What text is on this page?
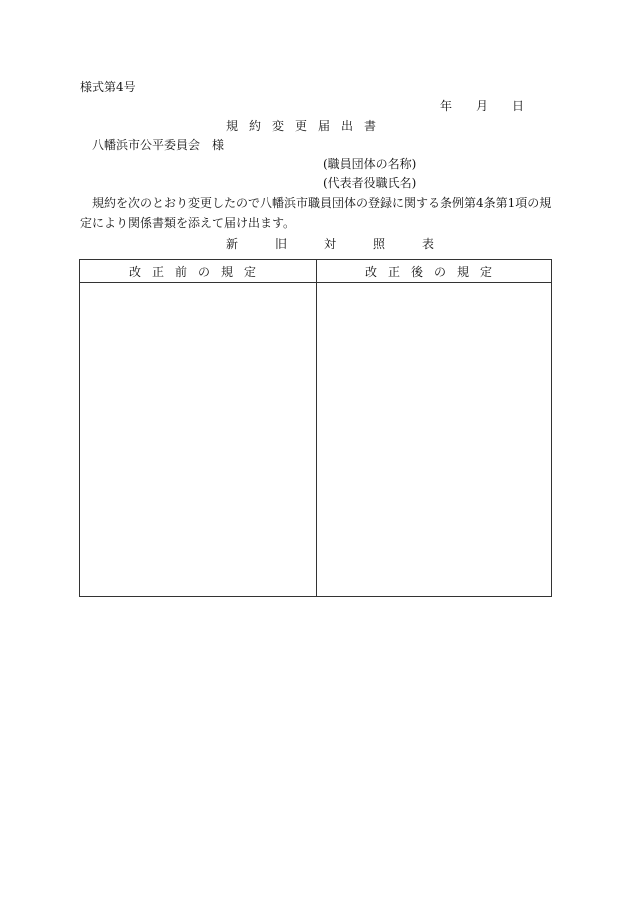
様式第4号
年 月 日
規約変更届出書
八幡浜市公平委員会　様
(職員団体の名称)
(代表者役職氏名)
規約を次のとおり変更したので八幡浜市職員団体の登録に関する条例第4条第1項の規定により関係書類を添えて届け出ます。
新旧対照表
改正前の規定	改正後の規定
